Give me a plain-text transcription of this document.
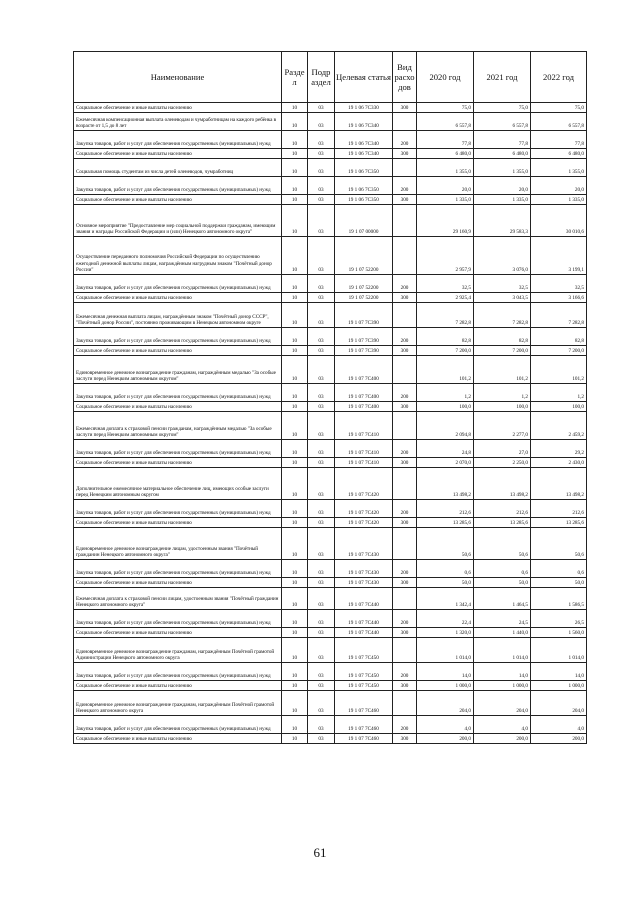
Наименование	Разде л	Подр аздел	Целевая статья	Вид расхо дов	2020 год	2021 год	2022 год
Социальное обеспечение и иные выплаты населению	10	03	19 1 06 7С330	300	75,0	75,0	75,0
Ежемесячная компенсационная выплата оленеводам и чумработницам на каждого ребёнка в возрасте от 1,5 до 8 лет	10	03	19 1 06 7С340		6 557,8	6 557,8	6 557,8
Закупка товаров, работ и услуг для обеспечения государственных (муниципальных) нужд	10	03	19 1 06 7С340	200	77,8	77,8	77,8
Социальное обеспечение и иные выплаты населению	10	03	19 1 06 7С340	300	6 480,0	6 480,0	6 480,0
Социальная помощь студентам из числа детей оленеводов, чумработниц	10	03	19 1 06 7С350		1 355,0	1 355,0	1 355,0
Закупка товаров, работ и услуг для обеспечения государственных (муниципальных) нужд	10	03	19 1 06 7С350	200	20,0	20,0	20,0
Социальное обеспечение и иные выплаты населению	10	03	19 1 06 7С350	300	1 335,0	1 335,0	1 335,0
Основное мероприятие "Предоставление мер социальной поддержки гражданам, имеющим звания и награды Российской Федерации и (или) Ненецкого автономного округа"	10	03	19 1 07 00000		29 160,9	29 583,3	30 010,6
Осуществление переданного полномочия Российской Федерации по осуществлению ежегодной денежной выплаты лицам, награждённым нагрудным знаком "Почётный донор России"	10	03	19 1 07 52200		2 957,9	3 076,0	3 199,1
Закупка товаров, работ и услуг для обеспечения государственных (муниципальных) нужд	10	03	19 1 07 52200	200	32,5	32,5	32,5
Социальное обеспечение и иные выплаты населению	10	03	19 1 07 52200	300	2 925,4	3 043,5	3 166,6
Ежемесячная денежная выплата лицам, награждённым знаком "Почётный донор СССР", "Почётный донор России", постоянно проживающим в Ненецком автономном округе	10	03	19 1 07 7С390		7 282,8	7 282,8	7 282,8
Закупка товаров, работ и услуг для обеспечения государственных (муниципальных) нужд	10	03	19 1 07 7С390	200	82,8	82,8	82,8
Социальное обеспечение и иные выплаты населению	10	03	19 1 07 7С390	300	7 200,0	7 200,0	7 200,0
Единовременное денежное вознаграждение гражданам, награждённым медалью "За особые заслуги перед Ненецким автономным округом"	10	03	19 1 07 7С400		101,2	101,2	101,2
Закупка товаров, работ и услуг для обеспечения государственных (муниципальных) нужд	10	03	19 1 07 7С400	200	1,2	1,2	1,2
Социальное обеспечение и иные выплаты населению	10	03	19 1 07 7С400	300	100,0	100,0	100,0
Ежемесячная доплата к страховой пенсии гражданам, награждённым медалью "За особые заслуги перед Ненецким автономным округом"	10	03	19 1 07 7С410		2 094,8	2 277,0	2 459,2
Закупка товаров, работ и услуг для обеспечения государственных (муниципальных) нужд	10	03	19 1 07 7С410	200	24,8	27,0	29,2
Социальное обеспечение и иные выплаты населению	10	03	19 1 07 7С410	300	2 070,0	2 250,0	2 430,0
Дополнительное ежемесячное материальное обеспечение лиц, имеющих особые заслуги перед Ненецким автономным округом	10	03	19 1 07 7С420		13 498,2	13 498,2	13 498,2
Закупка товаров, работ и услуг для обеспечения государственных (муниципальных) нужд	10	03	19 1 07 7С420	200	212,6	212,6	212,6
Социальное обеспечение и иные выплаты населению	10	03	19 1 07 7С420	300	13 285,6	13 285,6	13 285,6
Единовременное денежное вознаграждение лицам, удостоенным звания "Почётный гражданин Ненецкого автономного округа"	10	03	19 1 07 7С430		50,6	50,6	50,6
Закупка товаров, работ и услуг для обеспечения государственных (муниципальных) нужд	10	03	19 1 07 7С430	200	0,6	0,6	0,6
Социальное обеспечение и иные выплаты населению	10	03	19 1 07 7С430	300	50,0	50,0	50,0
Ежемесячная доплата к страховой пенсии лицам, удостоенным звания "Почётный гражданин Ненецкого автономного округа"	10	03	19 1 07 7С440		1 342,4	1 464,5	1 586,5
Закупка товаров, работ и услуг для обеспечения государственных (муниципальных) нужд	10	03	19 1 07 7С440	200	22,4	24,5	26,5
Социальное обеспечение и иные выплаты населению	10	03	19 1 07 7С440	300	1 320,0	1 440,0	1 560,0
Единовременное денежное вознаграждение гражданам, награждённым Почётной грамотой Администрации Ненецкого автономного округа	10	03	19 1 07 7С450		1 014,0	1 014,0	1 014,0
Закупка товаров, работ и услуг для обеспечения государственных (муниципальных) нужд	10	03	19 1 07 7С450	200	14,0	14,0	14,0
Социальное обеспечение и иные выплаты населению	10	03	19 1 07 7С450	300	1 000,0	1 000,0	1 000,0
Единовременное денежное вознаграждение гражданам, награждённым Почётной грамотой Ненецкого автономного округа	10	03	19 1 07 7С460		204,0	204,0	204,0
Закупка товаров, работ и услуг для обеспечения государственных (муниципальных) нужд	10	03	19 1 07 7С460	200	4,0	4,0	4,0
Социальное обеспечение и иные выплаты населению	10	03	19 1 07 7С460	300	200,0	200,0	200,0
61
